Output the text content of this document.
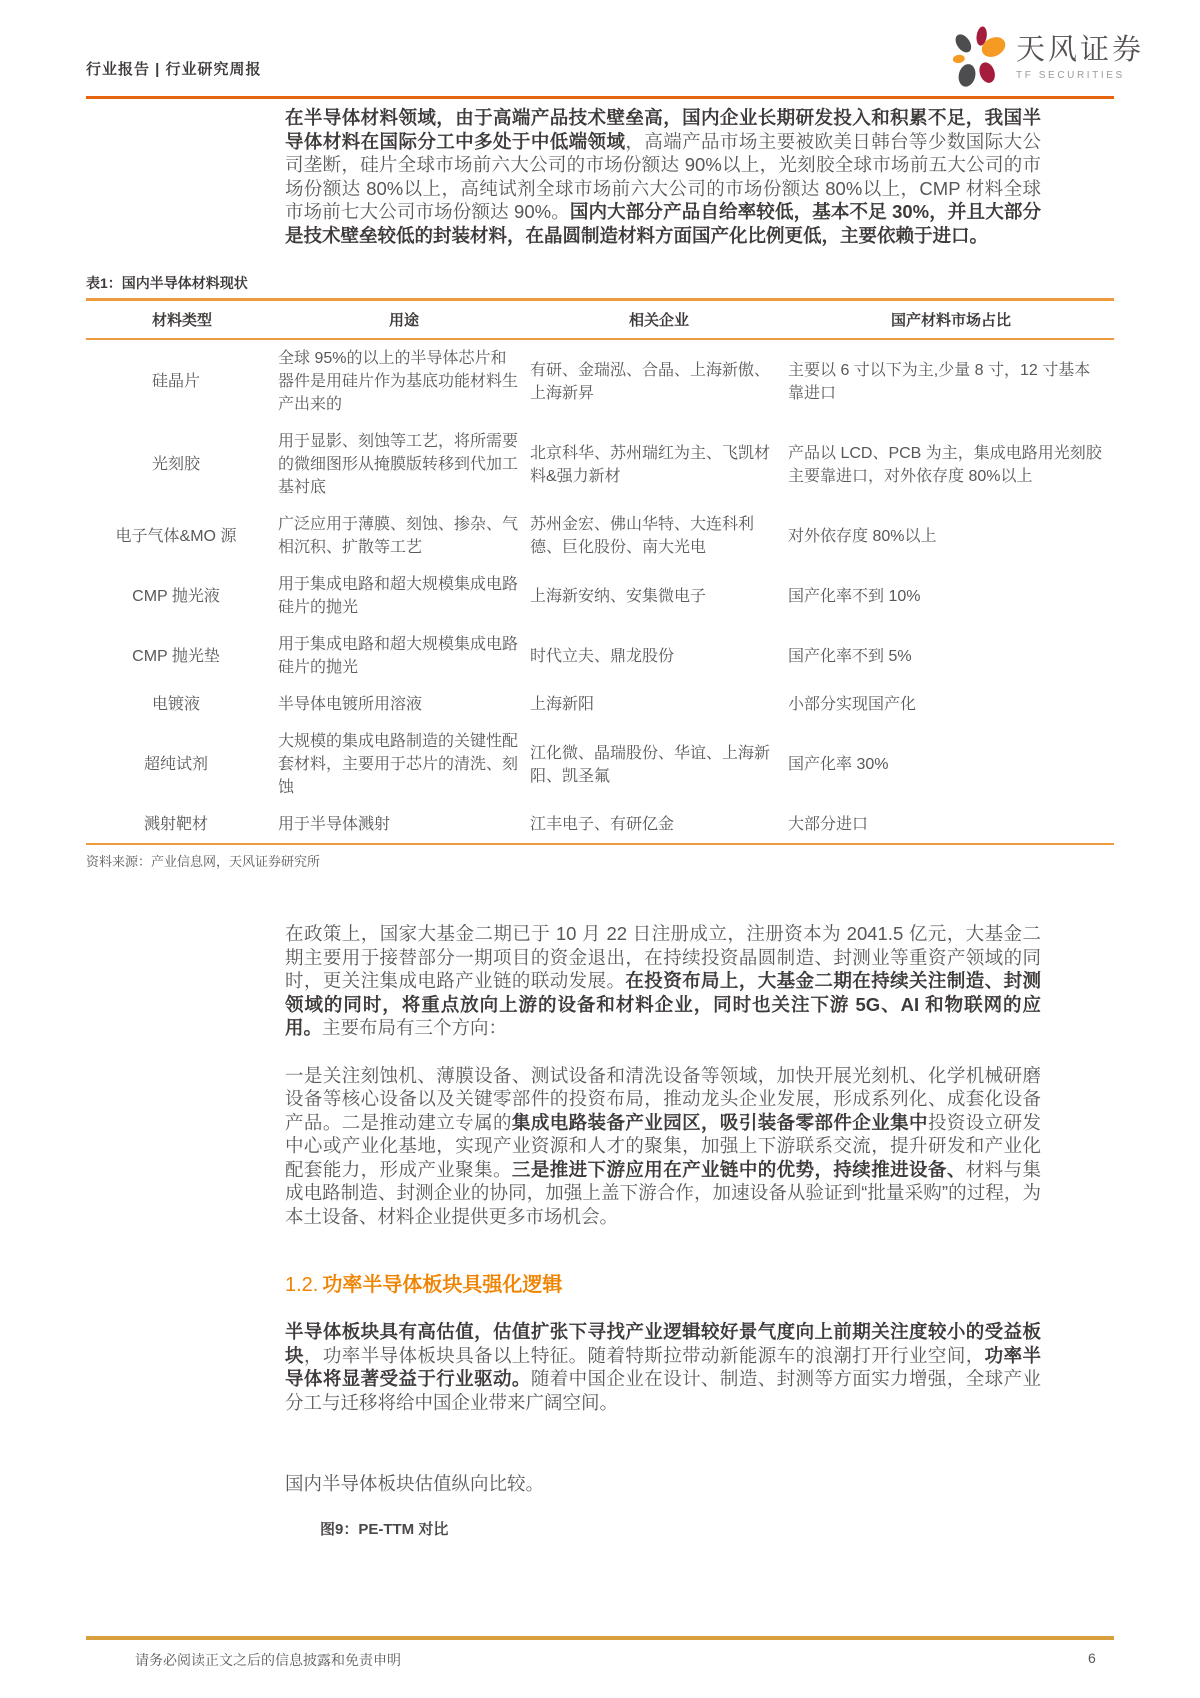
行业报告 | 行业研究周报
天风证券
TF SECURITIES

在半导体材料领域，由于高端产品技术壁垒高，国内企业长期研发投入和积累不足，我国半导体材料在国际分工中多处于中低端领域，高端产品市场主要被欧美日韩台等少数国际大公司垄断，硅片全球市场前六大公司的市场份额达 90%以上，光刻胶全球市场前五大公司的市场份额达 80%以上，高纯试剂全球市场前六大公司的市场份额达 80%以上，CMP 材料全球市场前七大公司市场份额达 90%。国内大部分产品自给率较低，基本不足 30%，并且大部分是技术壁垒较低的封装材料，在晶圆制造材料方面国产化比例更低，主要依赖于进口。

表1：国内半导体材料现状
材料类型	用途	相关企业	国产材料市场占比
硅晶片	全球 95%的以上的半导体芯片和器件是用硅片作为基底功能材料生产出来的	有研、金瑞泓、合晶、上海新傲、上海新昇	主要以 6 寸以下为主,少量 8 寸，12 寸基本靠进口
光刻胶	用于显影、刻蚀等工艺，将所需要的微细图形从掩膜版转移到代加工基衬底	北京科华、苏州瑞红为主、飞凯材料&强力新材	产品以 LCD、PCB 为主，集成电路用光刻胶主要靠进口，对外依存度 80%以上
电子气体&MO 源	广泛应用于薄膜、刻蚀、掺杂、气相沉积、扩散等工艺	苏州金宏、佛山华特、大连科利德、巨化股份、南大光电	对外依存度 80%以上
CMP 抛光液	用于集成电路和超大规模集成电路硅片的抛光	上海新安纳、安集微电子	国产化率不到 10%
CMP 抛光垫	用于集成电路和超大规模集成电路硅片的抛光	时代立夫、鼎龙股份	国产化率不到 5%
电镀液	半导体电镀所用溶液	上海新阳	小部分实现国产化
超纯试剂	大规模的集成电路制造的关键性配套材料，主要用于芯片的清洗、刻蚀	江化微、晶瑞股份、华谊、上海新阳、凯圣氟	国产化率 30%
溅射靶材	用于半导体溅射	江丰电子、有研亿金	大部分进口
资料来源：产业信息网，天风证券研究所

在政策上，国家大基金二期已于 10 月 22 日注册成立，注册资本为 2041.5 亿元，大基金二期主要用于接替部分一期项目的资金退出，在持续投资晶圆制造、封测业等重资产领域的同时，更关注集成电路产业链的联动发展。在投资布局上，大基金二期在持续关注制造、封测领域的同时，将重点放向上游的设备和材料企业，同时也关注下游 5G、AI 和物联网的应用。主要布局有三个方向：

一是关注刻蚀机、薄膜设备、测试设备和清洗设备等领域，加快开展光刻机、化学机械研磨设备等核心设备以及关键零部件的投资布局，推动龙头企业发展，形成系列化、成套化设备产品。二是推动建立专属的集成电路装备产业园区，吸引装备零部件企业集中投资设立研发中心或产业化基地，实现产业资源和人才的聚集，加强上下游联系交流，提升研发和产业化配套能力，形成产业聚集。三是推进下游应用在产业链中的优势，持续推进设备、材料与集成电路制造、封测企业的协同，加强上盖下游合作，加速设备从验证到“批量采购”的过程，为本土设备、材料企业提供更多市场机会。

1.2. 功率半导体板块具强化逻辑

半导体板块具有高估值，估值扩张下寻找产业逻辑较好景气度向上前期关注度较小的受益板块，功率半导体板块具备以上特征。随着特斯拉带动新能源车的浪潮打开行业空间，功率半导体将显著受益于行业驱动。随着中国企业在设计、制造、封测等方面实力增强，全球产业分工与迁移将给中国企业带来广阔空间。

国内半导体板块估值纵向比较。

图9：PE-TTM 对比
请务必阅读正文之后的信息披露和免责申明	6
